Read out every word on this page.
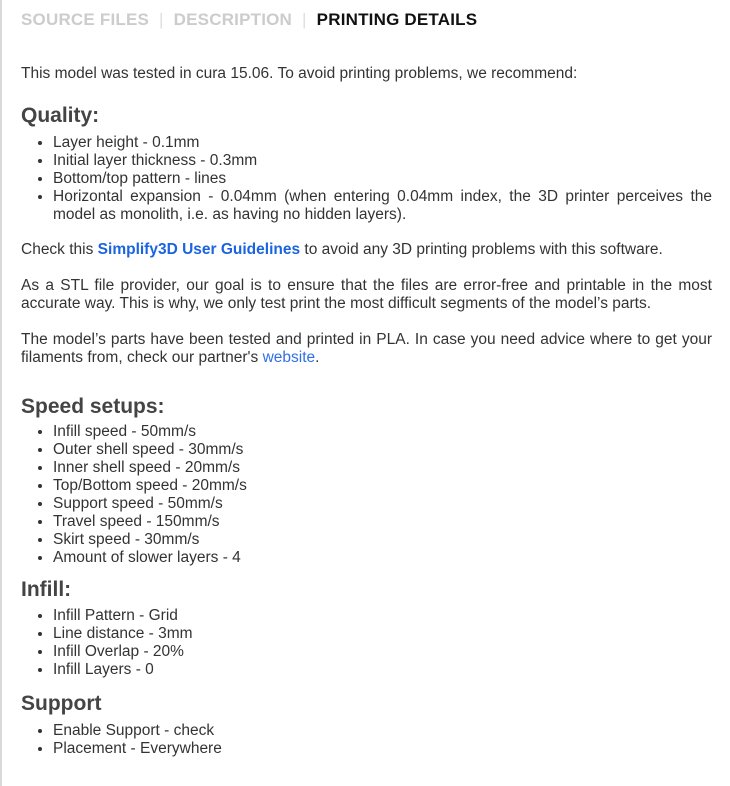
SOURCE FILES | DESCRIPTION | PRINTING DETAILS

This model was tested in cura 15.06. To avoid printing problems, we recommend:

Quality:
• Layer height - 0.1mm
• Initial layer thickness - 0.3mm
• Bottom/top pattern - lines
• Horizontal expansion - 0.04mm (when entering 0.04mm index, the 3D printer perceives the model as monolith, i.e. as having no hidden layers).

Check this Simplify3D User Guidelines to avoid any 3D printing problems with this software.

As a STL file provider, our goal is to ensure that the files are error-free and printable in the most accurate way. This is why, we only test print the most difficult segments of the model’s parts.

The model’s parts have been tested and printed in PLA. In case you need advice where to get your filaments from, check our partner's website.

Speed setups:
• Infill speed - 50mm/s
• Outer shell speed - 30mm/s
• Inner shell speed - 20mm/s
• Top/Bottom speed - 20mm/s
• Support speed - 50mm/s
• Travel speed - 150mm/s
• Skirt speed - 30mm/s
• Amount of slower layers - 4
Infill:
• Infill Pattern - Grid
• Line distance - 3mm
• Infill Overlap - 20%
• Infill Layers - 0
Support
• Enable Support - check
• Placement - Everywhere
